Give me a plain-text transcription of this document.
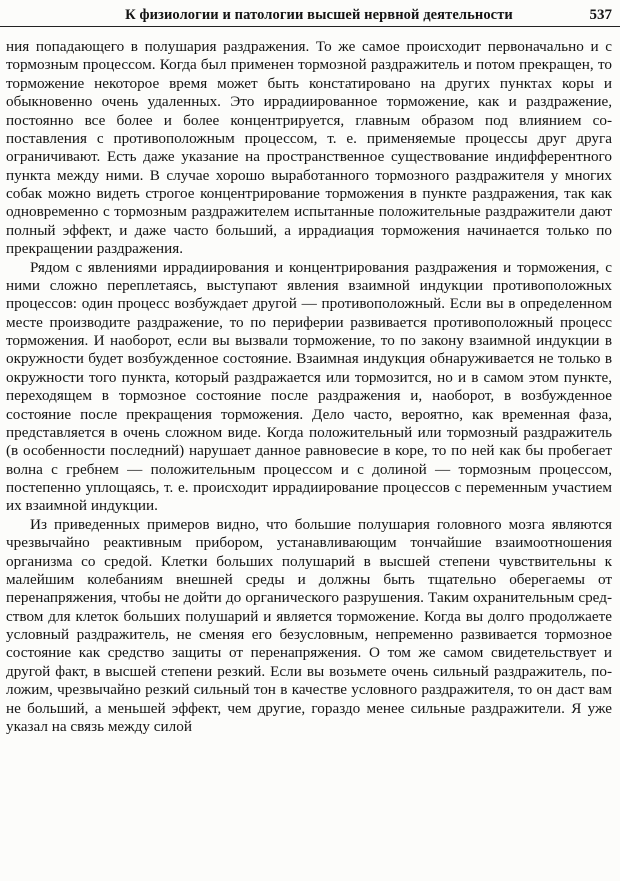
К физиологии и патологии высшей нервной деятельности	537

ния попадающего в полушария раздражения. То же самое происходит первоначально и с тормозным процессом. Когда был применен тормозной раздражитель и потом прекращен, то торможение некоторое время может быть констатировано на других пунктах коры и обыкновенно очень удаленных. Это иррадиированное торможение, как и раздражение, постоянно все более и более концентрируется, главным образом под влиянием сопоставления с противоположным процессом, т. е. применяемые процессы друг друга ограничивают. Есть даже указание на пространственное существование индифферентного пункта между ними. В случае хорошо выработанного тормозного раздражителя у многих собак можно видеть строгое концентрирование торможения в пункте раздражения, так как одновременно с тормозным раздражителем испытанные положительные раздражители дают полный эффект, и даже часто больший, а иррадиация торможения начинается только по прекращении раздражения.

Рядом с явлениями иррадиирования и концентрирования раздражения и торможения, с ними сложно переплетаясь, выступают явления взаимной индукции противоположных процессов: один процесс возбуждает другой — противоположный. Если вы в определенном месте производите раздражение, то по периферии развивается противоположный процесс торможения. И наоборот, если вы вызвали торможение, то по закону взаимной индукции в окружности будет возбужденное состояние. Взаимная индукция обнаруживается не только в окружности того пункта, который раздражается или тормозится, но и в самом этом пункте, переходящем в тормозное состояние после раздражения и, наоборот, в возбужденное состояние после прекращения торможения. Дело часто, вероятно, как временная фаза, представляется в очень сложном виде. Когда положительный или тормозный раздражитель (в особенности последний) нарушает данное равновесие в коре, то по ней как бы пробегает волна с гребнем — положительным процессом и с долиной — тормозным процессом, постепенно уплощаясь, т. е. происходит иррадиирование процессов с переменным участием их взаимной индукции.

Из приведенных примеров видно, что большие полушария головного мозга являются чрезвычайно реактивным прибором, устанавливающим тончайшие взаимоотношения организма со средой. Клетки больших полушарий в высшей степени чувствительны к малейшим колебаниям внешней среды и должны быть тщательно оберегаемы от перенапряжения, чтобы не дойти до органического разрушения. Таким охранительным средством для клеток больших полушарий и является торможение. Когда вы долго продолжаете условный раздражитель, не сменяя его безусловным, непременно развивается тормозное состояние как средство защиты от перенапряжения. О том же самом свидетельствует и другой факт, в высшей степени резкий. Если вы возьмете очень сильный раздражитель, положим, чрезвычайно резкий сильный тон в качестве условного раздражителя, то он даст вам не больший, а меньшей эффект, чем другие, гораздо менее сильные раздражители. Я уже указал на связь между силой
